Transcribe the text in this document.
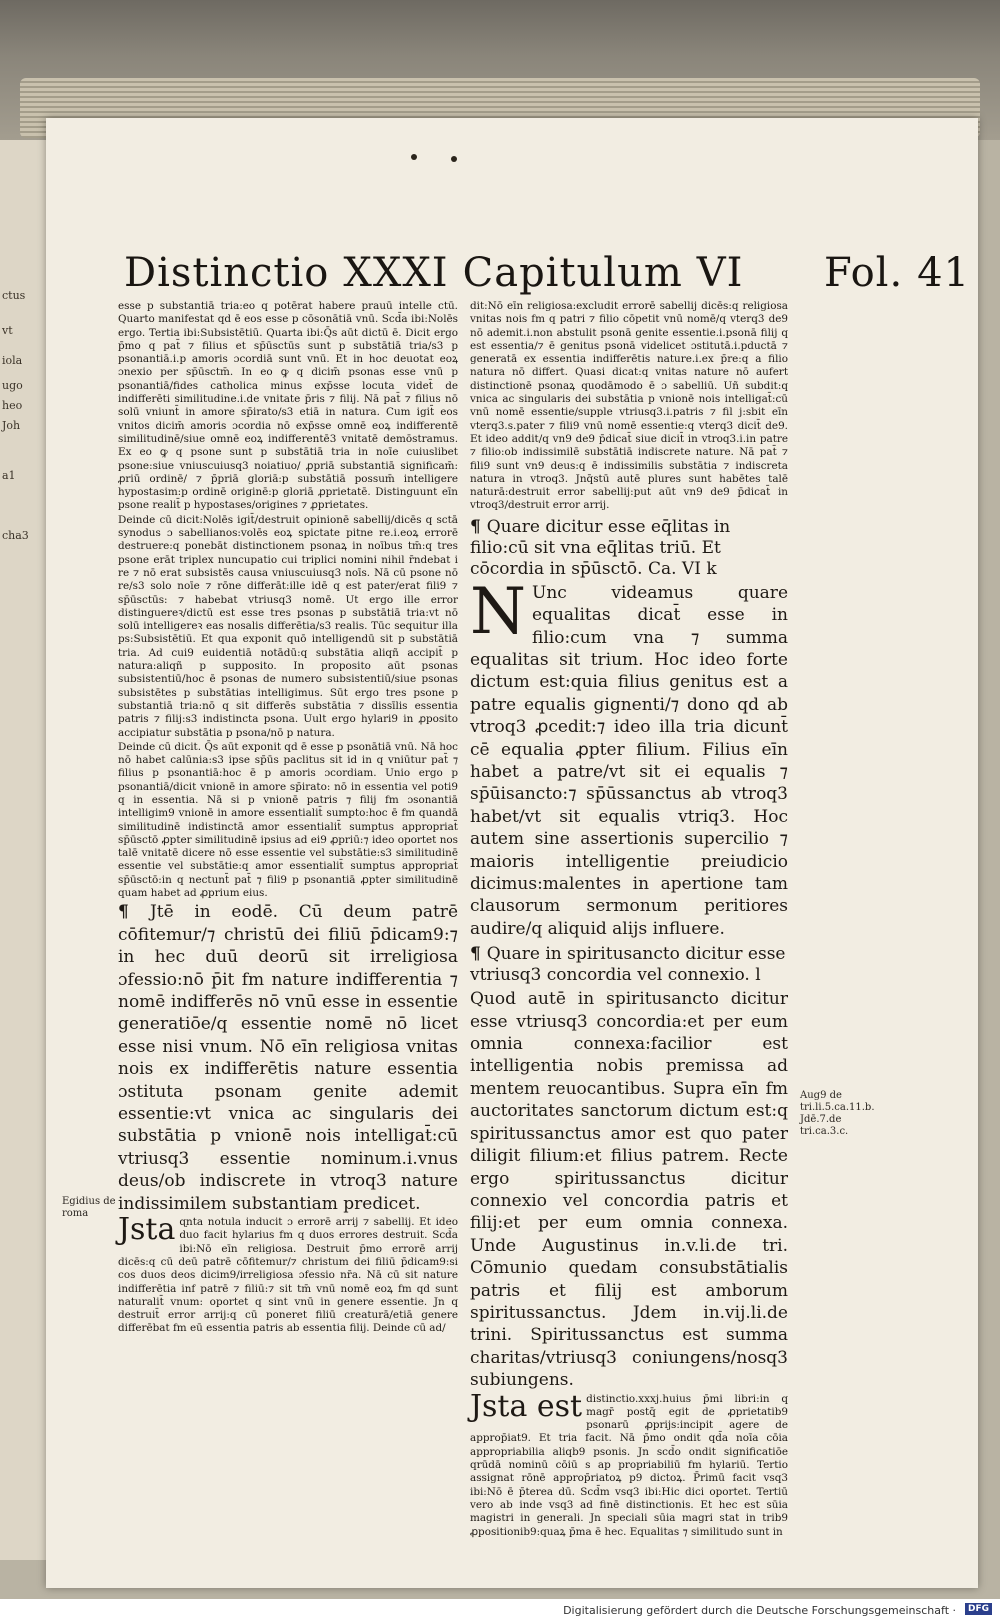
ctus
vt
iola
ugo
heo
Joh
a1
cha3
Distinctio XXXI Capitulum VI Fol. 41

esse p substantiā tria:eo q potērat habere prauū intelle ctū. Quarto manifestat qd ē eos esse p cōsonātiā vnū. Scd̄a ibi:Nolēs ergo. Tertia ibi:Subsistētiū. Quarta ibi:Q̄s aūt dictū ē. Dicit ergo p̄mo q pat̄ ⁊ filius et sp̄ūsctūs sunt p substātiā tria/s3 p psonantiā.i.p amoris ɔcordiā sunt vnū. Et in hoc deuotat eoꝝ ɔnexio per sp̄ūsctm̄. In eo ꝙ q dicim̄ psonas esse vnū p psonantiā/fides catholica minus exp̄sse locuta videt̄ de indifferēti similitudine.i.de vnitate p̄ris ⁊ filij. Nā pat̄ ⁊ filius nō solū vniunt̄ in amore sp̄irato/s3 etiā in natura. Cum igit̄ eos vnitos dicim̄ amoris ɔcordia nō exp̄sse omnē eoꝝ indifferentē similitudinē/siue omnē eoꝝ indifferentē3 vnitatē demōstramus. Ex eo ꝙ q psone sunt p substātiā tria in noīe cuiuslibet psone:siue vniuscuiusq3 noiatiuo/ ꝓpriā substantiā significam̄: ꝓriū ordinē/ ⁊ p̄priā gloriā:p substātiā possum̄ intelligere hypostasim:p ordinē originē:p gloriā ꝓprietatē. Distinguunt eīn psone realit̄ p hypostases/origines ⁊ ꝓprietates.

Deinde cū dicit:Nolēs igit̄/destruit opinionē sabellij/dicēs q sctā synodus ɔ sabellianos:volēs eoꝝ spictate pitne re.i.eoꝝ errorē destruere:q ponebāt distinctionem psonaꝝ in noībus tm̄:q tres psone erāt triplex nuncupatio cui triplici nomini nihil r̄ndebat i re ⁊ nō erat subsistēs causa vniuscuiusq3 noīs. Nā cū psone nō re/s3 solo noīe ⁊ rōne differāt:ille idē q est pater/erat fili9 ⁊ sp̄ūsctūs: ⁊ habebat vtriusq3 nomē. Ut ergo ille error distinguereꝛ/dictū est esse tres psonas p substātiā tria:vt nō solū intelligereꝛ eas nosalis differētia/s3 realis. Tūc sequitur illa ps:Subsistētiū. Et qua exponit quō intelligendū sit p substātiā tria. Ad cui9 euidentiā notādū:q substātia aliqñ accipit̄ p natura:aliqñ p supposito. In proposito aūt psonas subsistentiū/hoc ē psonas de numero subsistentiū/siue psonas subsistētes p substātias intelligimus. Sūt ergo tres psone p substantiā tria:nō q sit differēs substātia ⁊ dissīlis essentia patris ⁊ filij:s3 indistincta psona. Uult ergo hylari9 in ꝓposito accipiatur substātia p psona/nō p natura.

Deinde cū dicit. Q̄s aūt exponit qd ē esse p psonātiā vnū. Nā hoc nō habet calūnia:s3 ipse sp̄ūs paclitus sit id in q vniūtur pat̄ ⁊ filius p psonantiā:hoc ē p amoris ɔcordiam. Unio ergo p psonantiā/dicit vnionē in amore sp̄irato: nō in essentia vel poti9 q in essentia. Nā si p vnionē patris ⁊ filij fm ɔsonantiā intelligim9 vnionē in amore essentialit̄ sumpto:hoc ē fm quandā similitudinē indistinctā amor essentialit̄ sumptus appropriat̄ sp̄ūsctō ꝓpter similitudinē ipsius ad ei9 ꝓpriū:⁊ ideo oportet nos talē vnitatē dicere nō esse essentie vel substātie:s3 similitudinē essentie vel substātie:q amor essentialit̄ sumptus appropriat̄ sp̄ūsctō:in q nectunt̄ pat̄ ⁊ fili9 p psonantiā ꝓpter similitudinē quam habet ad ꝓprium eius.

¶ Jtē in eodē. Cū deum patrē cōfitemur/⁊ christū dei filiū p̄dicam9:⁊ in hec duū deorū sit irreligiosa ɔfessio:nō p̄it fm nature indifferentia ⁊ nomē indifferēs nō vnū esse in essentie generatiōe/q essentie nomē nō licet esse nisi vnum. Nō eīn religiosa vnitas nois ex indifferētis nature essentia ɔstituta psonam genite ademit essentie:vt vnica ac singularis dei substātia p vnionē nois intelligat̄:cū vtriusq3 essentie nominum.i.vnus deus/ob indiscrete in vtroq3 nature indissimilem substantiam predicet.

Jsta ɋnta notula inducit ɔ errorē arrij ⁊ sabellij. Et ideo duo facit hylarius fm q duos errores destruit. Scd̄a ibi:Nō eīn religiosa. Destruit p̄mo errorē arrij dicēs:q cū deū patrē cōfitemur/⁊ christum dei filiū p̄dicam9:si cos duos deos dicim9/irreligiosa ɔfessio nr̄a. Nā cū sit nature indifferētia inf patrē ⁊ filiū:⁊ sit tm̄ vnū nomē eoꝝ fm qd sunt naturalit̄ vnum: oportet q sint vnū in genere essentie. Jn q destruit̄ error arrij:q cū poneret filiū creaturā/etiā genere differēbat fm eū essentia patris ab essentia filij. Deinde cū ad/

Egidius de roma

dit:Nō eīn religiosa:excludit errorē sabellij dicēs:q religiosa vnitas nois fm q patri ⁊ filio cōpetit vnū nomē/q vterq3 de9 nō ademit.i.non abstulit psonā genite essentie.i.psonā filij q est essentia/⁊ ē genitus psonā videlicet ɔstitutā.i.pductā ⁊ generatā ex essentia indifferētis nature.i.ex p̄re:q a filio natura nō differt. Quasi dicat:q vnitas nature nō aufert distinctionē psonaꝝ quodāmodo ē ɔ sabelliū. Uñ subdit:q vnica ac singularis dei substātia p vnionē nois intelligat̄:cū vnū nomē essentie/supple vtriusq3.i.patris ⁊ fil j:sbit eīn vterq3.s.pater ⁊ fili9 vnū nomē essentie:q vterq3 dicit̄ de9. Et ideo addit/q vn9 de9 p̄dicat̄ siue dicit̄ in vtroq3.i.in patre ⁊ filio:ob indissimilē substātiā indiscrete nature. Nā pat̄ ⁊ fili9 sunt vn9 deus:q ē indissimilis substātia ⁊ indiscreta natura in vtroq3. Jnq̄stū autē plures sunt habētes talē naturā:destruit error sabellij:put aūt vn9 de9 p̄dicat̄ in vtroq3/destruit error arrij.

¶ Quare dicitur esse eq̄litas in filio:cū sit vna eq̄litas triū. Et cōcordia in sp̄ūsctō. Ca. VI k

N Unc videamus quare equalitas dicat̄ esse in filio:cum vna ⁊ summa equalitas sit trium. Hoc ideo forte dictum est:quia filius genitus est a patre equalis gignenti/⁊ dono qd ab vtroq3 ꝓcedit:⁊ ideo illa tria dicunt̄ cē equalia ꝓpter filium. Filius eīn habet a patre/vt sit ei equalis ⁊ sp̄ūisancto:⁊ sp̄ūssanctus ab vtroq3 habet/vt sit equalis vtriq3. Hoc autem sine assertionis supercilio ⁊ maioris intelligentie preiudicio dicimus:malentes in apertione tam clausorum sermonum peritiores audire/q aliquid alijs influere.

¶ Quare in spiritusancto dicitur esse vtriusq3 concordia vel connexio. l

Quod autē in spiritusancto dicitur esse vtriusq3 concordia:et per eum omnia connexa:facilior est intelligentia nobis premissa ad mentem reuocantibus. Supra eīn fm auctoritates sanctorum dictum est:q spiritussanctus amor est quo pater diligit filium:et filius patrem. Recte ergo spiritussanctus dicitur connexio vel concordia patris et filij:et per eum omnia connexa. Unde Augustinus in.v.li.de tri. Cōmunio quedam consubstātialis patris et filij est amborum spiritussanctus. Jdem in.vij.li.de trini. Spiritussanctus est summa charitas/vtriusq3 coniungens/nosq3 subiungens.

Jsta est distinctio.xxxj.huius p̄mi libri:in q magr̄ postq̄ egit de ꝓprietatib9 psonarū ꝓprijs:incipit agere de approp̄iat9. Et tria facit. Nā p̄mo ondit qd̄a noīa cōia appropriabilia aliqb9 psonis. Jn scd̄o ondit significatiōe qrūdā nominū cōiū s ap propriabiliū fm hylariū. Tertio assignat rōnē approp̄riatoꝝ p9 dictoꝝ. P̄rimū facit vsq3 ibi:Nō ē p̄terea dū. Scd̄m vsq3 ibi:Hic dici oportet. Tertiū vero ab inde vsq3 ad finē distinctionis. Et hec est sūia magistri in generali. Jn speciali sūia magri stat in trib9 ꝓpositionib9:quaꝝ p̄ma ē hec. Equalitas ⁊ similitudo sunt in

Aug9 de tri.li.5.ca.11.b. Jdē.7.de tri.ca.3.c.
Digitalisierung gefördert durch die Deutsche Forschungsgemeinschaft ·	DFG
